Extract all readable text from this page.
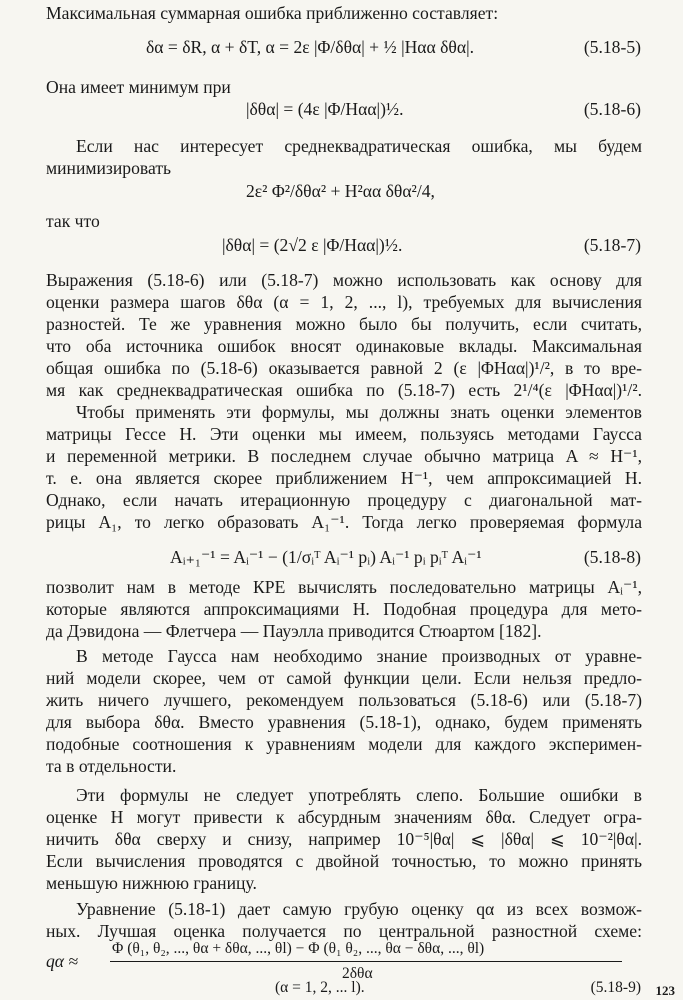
Максимальная суммарная ошибка приближенно составляет:
δα = δR, α + δT, α = 2ε |Φ/δθα| + ½ |Hαα δθα|.	(5.18-5)
Она имеет минимум при
|δθα| = (4ε |Φ/Hαα|)½.	(5.18-6)
Если нас интересует среднеквадратическая ошибка, мы будем
минимизировать
2ε² Φ²/δθα² + H²αα δθα²/4,
так что
|δθα| = (2√2 ε |Φ/Hαα|)½.	(5.18-7)
Выражения (5.18-6) или (5.18-7) можно использовать как основу для
оценки размера шагов δθα (α = 1, 2, ..., l), требуемых для вычисления
разностей. Те же уравнения можно было бы получить, если считать,
что оба источника ошибок вносят одинаковые вклады. Максимальная
общая ошибка по (5.18-6) оказывается равной 2 (ε |ΦHαα|)¹/², в то вре-
мя как среднеквадратическая ошибка по (5.18-7) есть 2¹/⁴(ε |ΦHαα|)¹/².
Чтобы применять эти формулы, мы должны знать оценки элементов
матрицы Гессе H. Эти оценки мы имеем, пользуясь методами Гаусса
и переменной метрики. В последнем случае обычно матрица A ≈ H⁻¹,
т. е. она является скорее приближением H⁻¹, чем аппроксимацией H.
Однако, если начать итерационную процедуру с диагональной мат-
рицы A₁, то легко образовать A₁⁻¹. Тогда легко проверяемая формула
Aᵢ₊₁⁻¹ = Aᵢ⁻¹ − (1/σᵢᵀ Aᵢ⁻¹ pᵢ) Aᵢ⁻¹ pᵢ pᵢᵀ Aᵢ⁻¹	(5.18-8)
позволит нам в методе КРЕ вычислять последовательно матрицы Aᵢ⁻¹,
которые являются аппроксимациями H. Подобная процедура для мето-
да Дэвидона — Флетчера — Пауэлла приводится Стюартом [182].
В методе Гаусса нам необходимо знание производных от уравне-
ний модели скорее, чем от самой функции цели. Если нельзя предло-
жить ничего лучшего, рекомендуем пользоваться (5.18-6) или (5.18-7)
для выбора δθα. Вместо уравнения (5.18-1), однако, будем применять
подобные соотношения к уравнениям модели для каждого эксперимен-
та в отдельности.
Эти формулы не следует употреблять слепо. Большие ошибки в
оценке H могут привести к абсурдным значениям δθα. Следует огра-
ничить δθα сверху и снизу, например 10⁻⁵|θα| ⩽ |δθα| ⩽ 10⁻²|θα|.
Если вычисления проводятся с двойной точностью, то можно принять
меньшую нижнюю границу.
Уравнение (5.18-1) дает самую грубую оценку qα из всех возмож-
ных. Лучшая оценка получается по центральной разностной схеме:
qα ≈
Φ (θ₁, θ₂, ..., θα + δθα, ..., θl) − Φ (θ₁ θ₂, ..., θα − δθα, ..., θl)
2δθα
(α = 1, 2, ... l).	(5.18-9) 123
